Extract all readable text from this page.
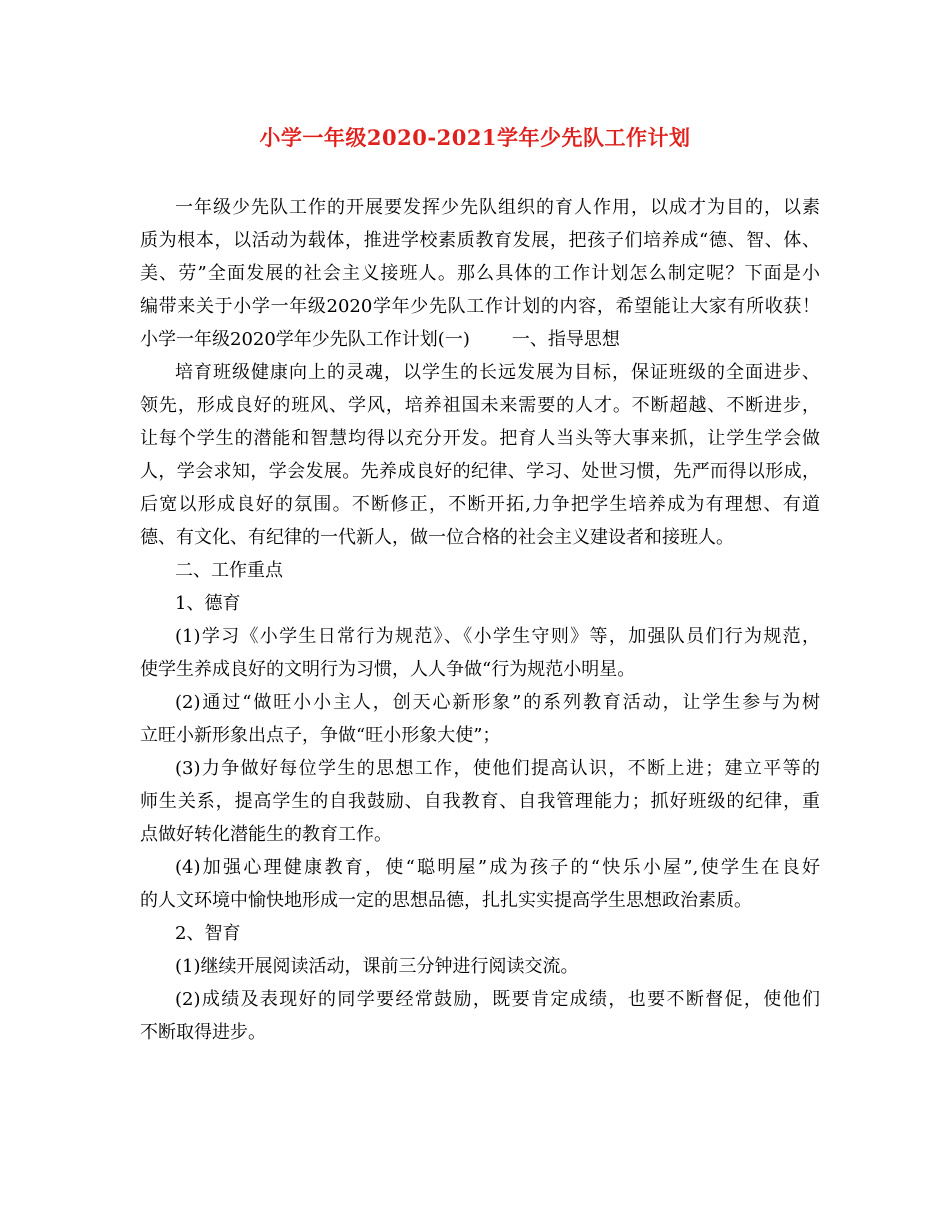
小学一年级2020-2021学年少先队工作计划
一年级少先队工作的开展要发挥少先队组织的育人作用，以成才为目的，以素
质为根本，以活动为载体，推进学校素质教育发展，把孩子们培养成“德、智、体、
美、劳”全面发展的社会主义接班人。那么具体的工作计划怎么制定呢？下面是小
编带来关于小学一年级2020学年少先队工作计划的内容，希望能让大家有所收获！
小学一年级2020学年少先队工作计划(一) 一、指导思想
培育班级健康向上的灵魂，以学生的长远发展为目标，保证班级的全面进步、
领先，形成良好的班风、学风，培养祖国未来需要的人才。不断超越、不断进步，
让每个学生的潜能和智慧均得以充分开发。把育人当头等大事来抓，让学生学会做
人，学会求知，学会发展。先养成良好的纪律、学习、处世习惯，先严而得以形成，
后宽以形成良好的氛围。不断修正，不断开拓,力争把学生培养成为有理想、有道
德、有文化、有纪律的一代新人，做一位合格的社会主义建设者和接班人。
二、工作重点
1、德育
(1)学习《小学生日常行为规范》、《小学生守则》等，加强队员们行为规范，
使学生养成良好的文明行为习惯，人人争做“行为规范小明星。
(2)通过“做旺小小主人，创天心新形象”的系列教育活动，让学生参与为树
立旺小新形象出点子，争做“旺小形象大使”；
(3)力争做好每位学生的思想工作，使他们提高认识，不断上进；建立平等的
师生关系，提高学生的自我鼓励、自我教育、自我管理能力；抓好班级的纪律，重
点做好转化潜能生的教育工作。
(4)加强心理健康教育，使“聪明屋”成为孩子的“快乐小屋”,使学生在良好
的人文环境中愉快地形成一定的思想品德，扎扎实实提高学生思想政治素质。
2、智育
(1)继续开展阅读活动，课前三分钟进行阅读交流。
(2)成绩及表现好的同学要经常鼓励，既要肯定成绩，也要不断督促，使他们
不断取得进步。
